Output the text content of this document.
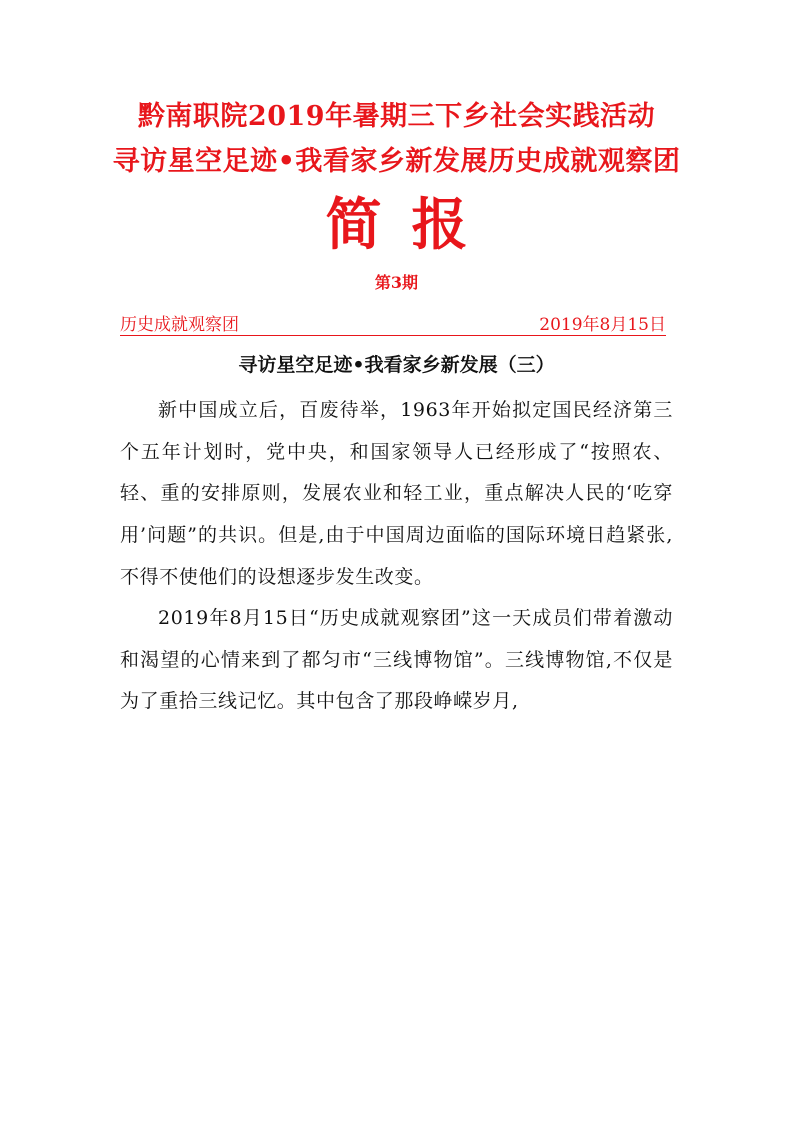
黔南职院2019年暑期三下乡社会实践活动
寻访星空足迹•我看家乡新发展历史成就观察团
简报
第3期
历史成就观察团	2019年8月15日
寻访星空足迹•我看家乡新发展（三）
新中国成立后，百废待举，1963年开始拟定国民经济第三个五年计划时，党中央，和国家领导人已经形成了“按照农、轻、重的安排原则，发展农业和轻工业，重点解决人民的‘吃穿用’问题”的共识。但是,由于中国周边面临的国际环境日趋紧张,不得不使他们的设想逐步发生改变。
2019年8月15日“历史成就观察团”这一天成员们带着激动和渴望的心情来到了都匀市“三线博物馆”。三线博物馆,不仅是为了重拾三线记忆。其中包含了那段峥嵘岁月,
